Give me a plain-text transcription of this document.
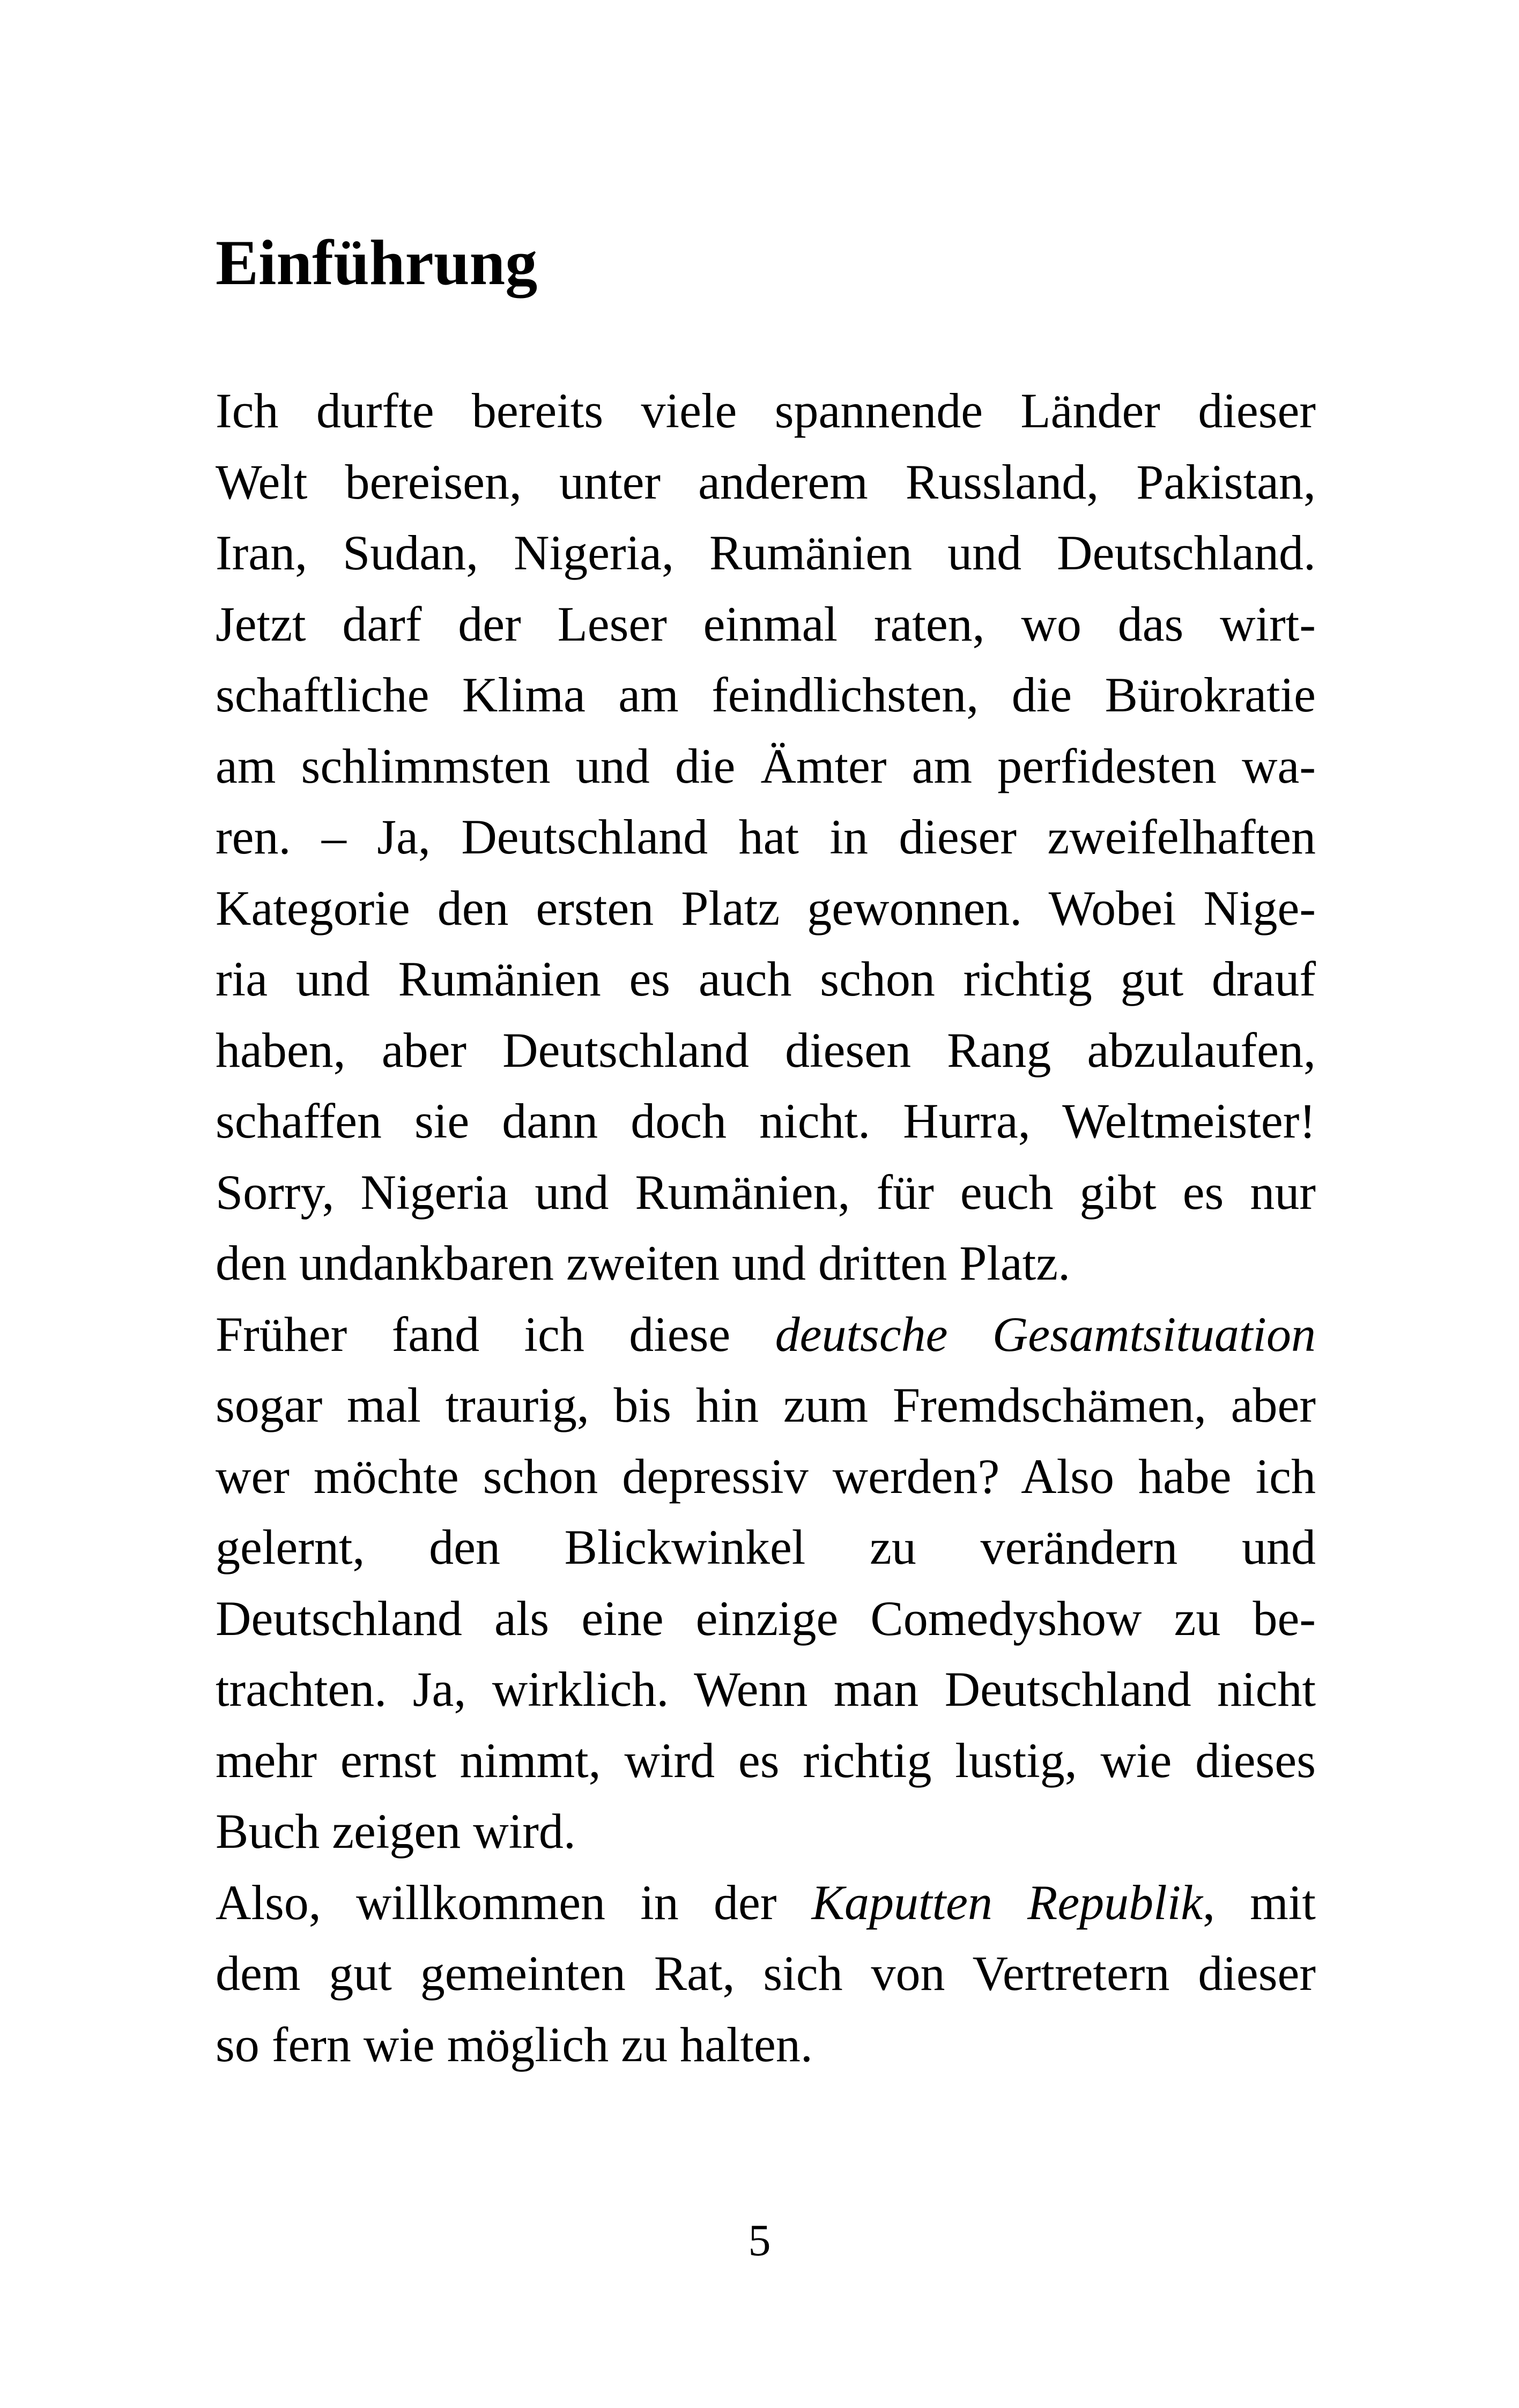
Einführung
Ich durfte bereits viele spannende Länder dieser
Welt bereisen, unter anderem Russland, Pakistan,
Iran, Sudan, Nigeria, Rumänien und Deutschland.
Jetzt darf der Leser einmal raten, wo das wirt-
schaftliche Klima am feindlichsten, die Bürokratie
am schlimmsten und die Ämter am perfidesten wa-
ren. – Ja, Deutschland hat in dieser zweifelhaften
Kategorie den ersten Platz gewonnen. Wobei Nige-
ria und Rumänien es auch schon richtig gut drauf
haben, aber Deutschland diesen Rang abzulaufen,
schaffen sie dann doch nicht. Hurra, Weltmeister!
Sorry, Nigeria und Rumänien, für euch gibt es nur
den undankbaren zweiten und dritten Platz.
Früher fand ich diese deutsche Gesamtsituation
sogar mal traurig, bis hin zum Fremdschämen, aber
wer möchte schon depressiv werden? Also habe ich
gelernt, den Blickwinkel zu verändern und
Deutschland als eine einzige Comedyshow zu be-
trachten. Ja, wirklich. Wenn man Deutschland nicht
mehr ernst nimmt, wird es richtig lustig, wie dieses
Buch zeigen wird.
Also, willkommen in der Kaputten Republik, mit
dem gut gemeinten Rat, sich von Vertretern dieser
so fern wie möglich zu halten.
5
